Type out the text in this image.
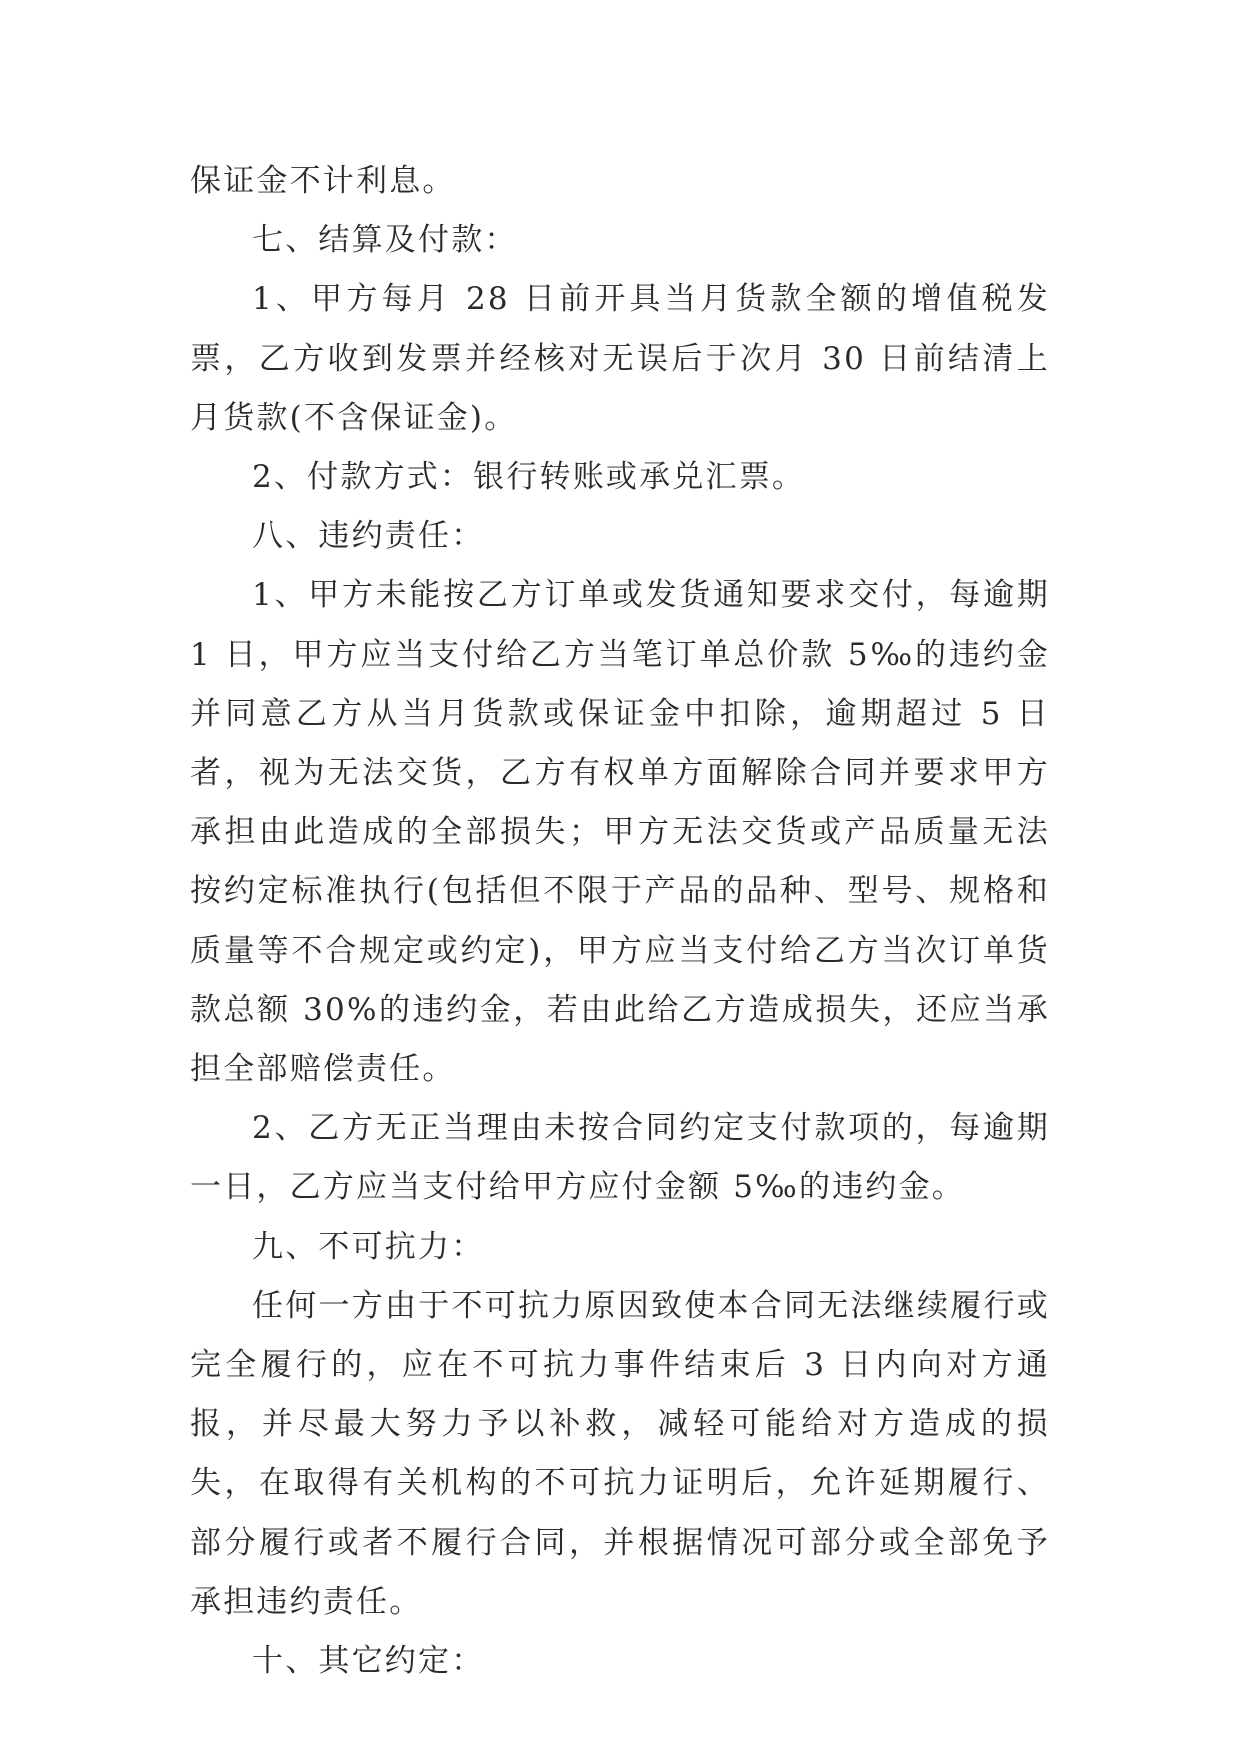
保证金不计利息。

七、结算及付款：

1、甲方每月 28 日前开具当月货款全额的增值税发票，乙方收到发票并经核对无误后于次月 30 日前结清上月货款(不含保证金)。

2、付款方式：银行转账或承兑汇票。

八、违约责任：

1、甲方未能按乙方订单或发货通知要求交付，每逾期 1 日，甲方应当支付给乙方当笔订单总价款 5‰的违约金并同意乙方从当月货款或保证金中扣除，逾期超过 5 日者，视为无法交货，乙方有权单方面解除合同并要求甲方承担由此造成的全部损失；甲方无法交货或产品质量无法按约定标准执行(包括但不限于产品的品种、型号、规格和质量等不合规定或约定)，甲方应当支付给乙方当次订单货款总额 30%的违约金，若由此给乙方造成损失，还应当承担全部赔偿责任。

2、乙方无正当理由未按合同约定支付款项的，每逾期一日，乙方应当支付给甲方应付金额 5‰的违约金。

九、不可抗力：

任何一方由于不可抗力原因致使本合同无法继续履行或完全履行的，应在不可抗力事件结束后 3 日内向对方通报，并尽最大努力予以补救，减轻可能给对方造成的损失，在取得有关机构的不可抗力证明后，允许延期履行、部分履行或者不履行合同，并根据情况可部分或全部免予承担违约责任。

十、其它约定：
